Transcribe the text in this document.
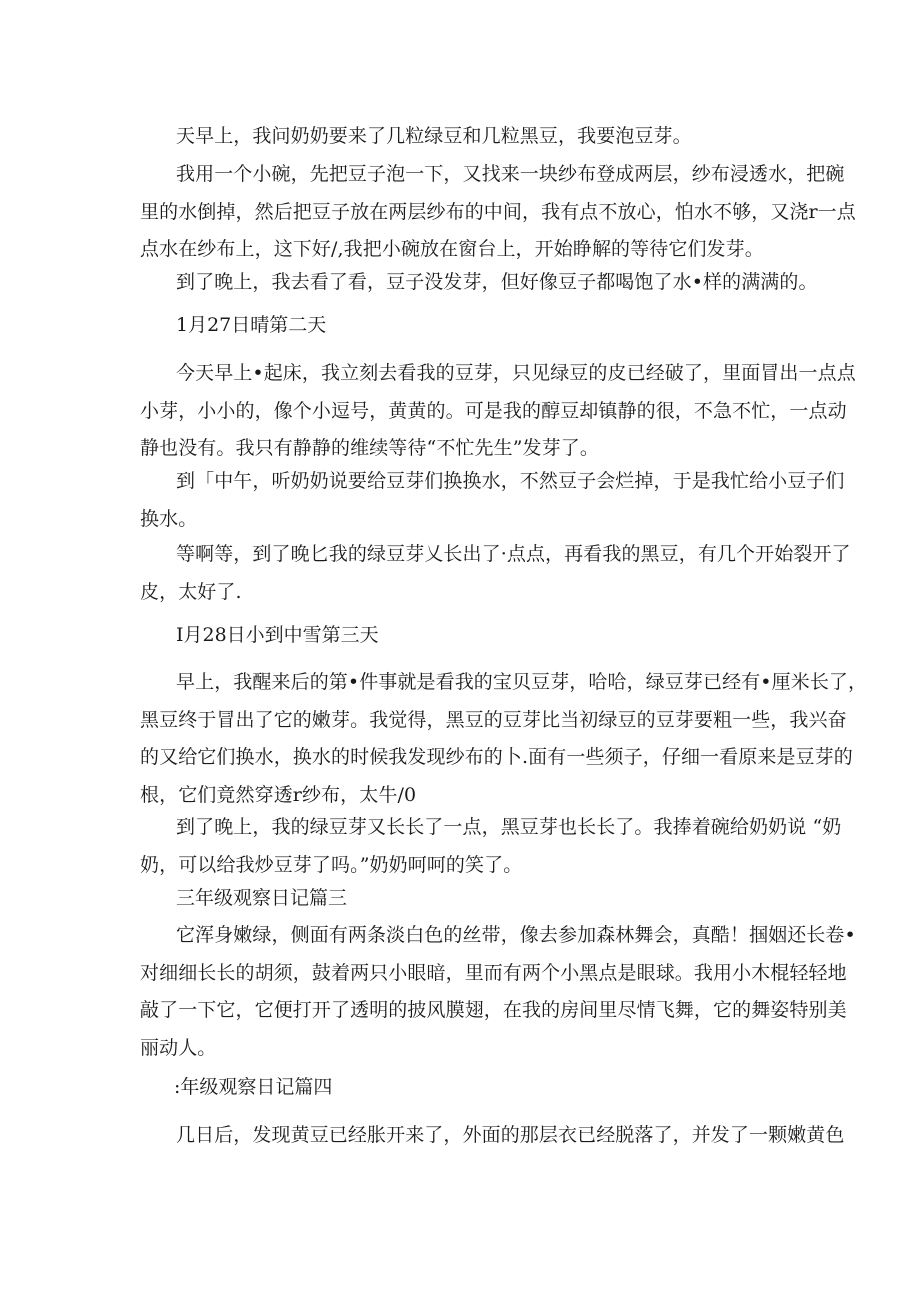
天早上，我问奶奶要来了几粒绿豆和几粒黑豆，我要泡豆芽。
我用一个小碗，先把豆子泡一下，又找来一块纱布登成两层，纱布浸透水，把碗
里的水倒掉，然后把豆子放在两层纱布的中间，我有点不放心，怕水不够，又浇r一点
点水在纱布上，这下好/,我把小碗放在窗台上，开始睁解的等待它们发芽。
到了晚上，我去看了看，豆子没发芽，但好像豆子都喝饱了水•样的满满的。
1月27日晴第二天
今天早上•起床，我立刻去看我的豆芽，只见绿豆的皮已经破了，里面冒出一点点
小芽，小小的，像个小逗号，黄黄的。可是我的醇豆却镇静的很，不急不忙，一点动
静也没有。我只有静静的维续等待“不忙先生”发芽了。
到「中午，听奶奶说要给豆芽们换换水，不然豆子会烂掉，于是我忙给小豆子们
换水。
等啊等，到了晚匕我的绿豆芽乂长出了·点点，再看我的黑豆，有几个开始裂开了
皮，太好了.
I月28日小到中雪第三天
早上，我醒来后的第•件事就是看我的宝贝豆芽，哈哈，绿豆芽已经有•厘米长了，
黑豆终于冒出了它的嫩芽。我觉得，黑豆的豆芽比当初绿豆的豆芽要粗一些，我兴奋
的又给它们换水，换水的时候我发现纱布的卜.面有一些须子，仔细一看原来是豆芽的
根，它们竟然穿透r纱布，太牛/0
到了晚上，我的绿豆芽又长长了一点，黑豆芽也长长了。我捧着碗给奶奶说 “奶
奶，可以给我炒豆芽了吗。”奶奶呵呵的笑了。
三年级观察日记篇三
它浑身嫩绿，侧面有两条淡白色的丝带，像去参加森林舞会，真酷！掴姻还长卷•
对细细长长的胡须，鼓着两只小眼暗，里而有两个小黑点是眼球。我用小木棍轻轻地
敲了一下它，它便打开了透明的披风膜翅，在我的房间里尽情飞舞，它的舞姿特别美
丽动人。
:年级观察日记篇四
几日后，发现黄豆已经胀开来了，外面的那层衣已经脱落了，并发了一颗嫩黄色
